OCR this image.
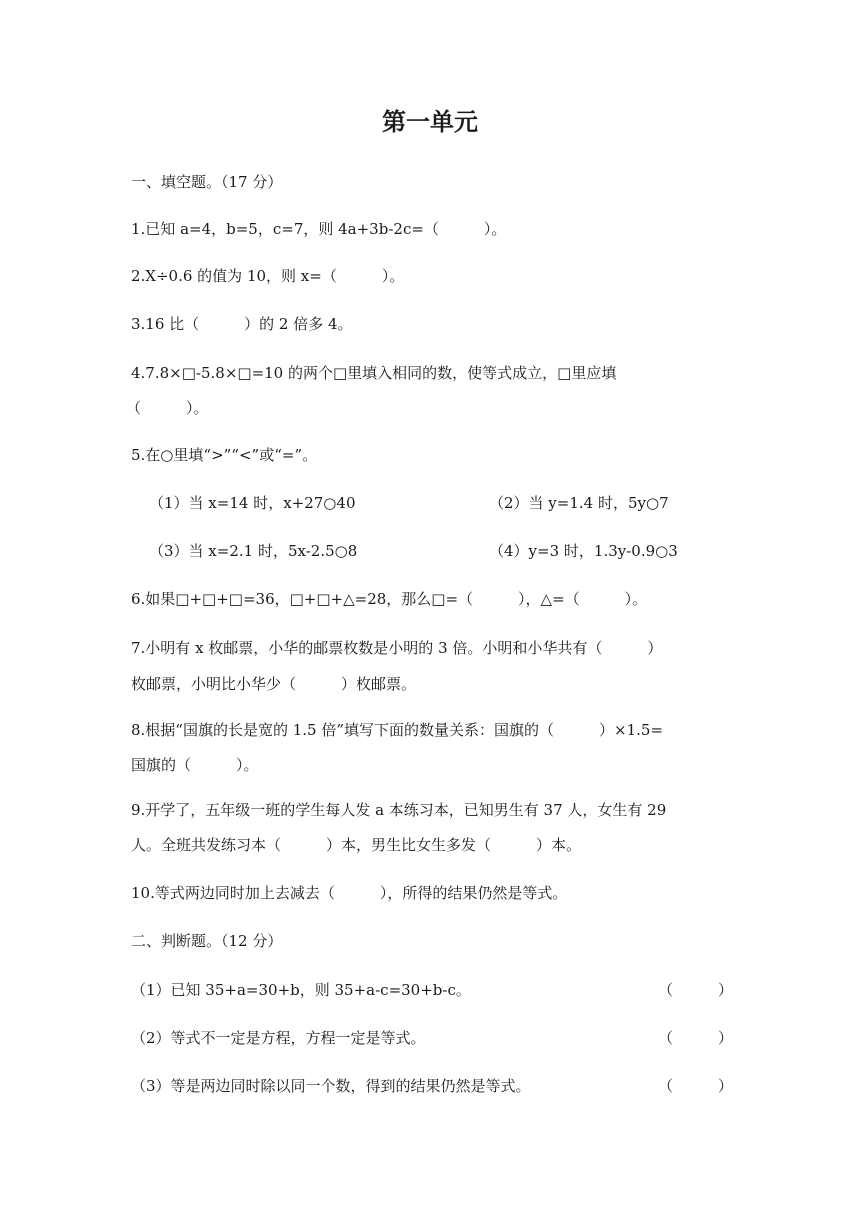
第一单元
一、填空题。（17 分）
1.已知 a=4，b=5，c=7，则 4a+3b-2c=（　　　）。
2.X÷0.6 的值为 10，则 x=（　　　）。
3.16 比（　　　）的 2 倍多 4。
4.7.8×□-5.8×□=10 的两个□里填入相同的数，使等式成立，□里应填
（　　　）。
5.在○里填“>”“<”或“=”。
（1）当 x=14 时，x+27○40	（2）当 y=1.4 时，5y○7
（3）当 x=2.1 时，5x-2.5○8	（4）y=3 时，1.3y-0.9○3
6.如果□+□+□=36，□+□+△=28，那么□=（　　　），△=（　　　）。
7.小明有 x 枚邮票，小华的邮票枚数是小明的 3 倍。小明和小华共有（　　　）
枚邮票，小明比小华少（　　　）枚邮票。
8.根据“国旗的长是宽的 1.5 倍”填写下面的数量关系：国旗的（　　　）×1.5=
国旗的（　　　）。
9.开学了，五年级一班的学生每人发 a 本练习本，已知男生有 37 人，女生有 29
人。全班共发练习本（　　　）本，男生比女生多发（　　　）本。
10.等式两边同时加上去减去（　　　），所得的结果仍然是等式。
二、判断题。（12 分）
（1）已知 35+a=30+b，则 35+a-c=30+b-c。	（　　　）
（2）等式不一定是方程，方程一定是等式。	（　　　）
（3）等是两边同时除以同一个数，得到的结果仍然是等式。	（　　　）
